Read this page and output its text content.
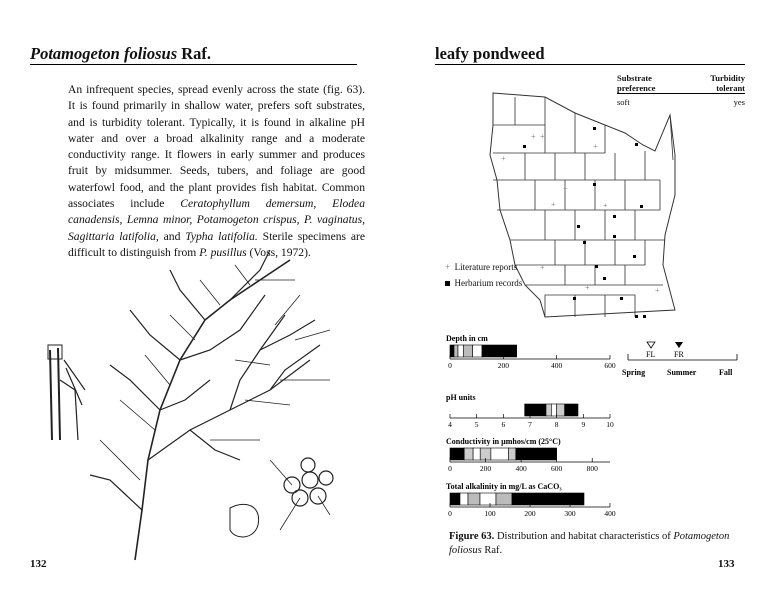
Potamogeton foliosus Raf.
An infrequent species, spread evenly across the state (fig. 63). It is found primarily in shallow water, prefers soft substrates, and is turbidity tolerant. Typically, it is found in alkaline pH water and over a broad alkalinity range and a moderate conductivity range. It flowers in early summer and produces fruit by midsummer. Seeds, tubers, and foliage are good waterfowl food, and the plant provides fish habitat. Common associates include Ceratophyllum demersum, Elodea canadensis, Lemna minor, Potamogeton crispus, P. vaginatus, Sagittaria latifolia, and Typha latifolia. Sterile specimens are difficult to distinguish from P. pusillus (Voss, 1972).
132
leafy pondweed
Substrate preference
Turbidity tolerant
soft	yes
+ +
+
+
+	+
+
+	+
+
+ Literature reports
Herbarium records
Depth in cm
0	200	400	600
pH units
4	5	6	7	8	9	10
Conductivity in µmhos/cm (25°C)
0	200	400	600	800
Total alkalinity in mg/L as CaCO₃
0	100	200	300	400
FL FR
Spring	Summer	Fall
Figure 63. Distribution and habitat characteristics of Potamogeton foliosus Raf.
133
